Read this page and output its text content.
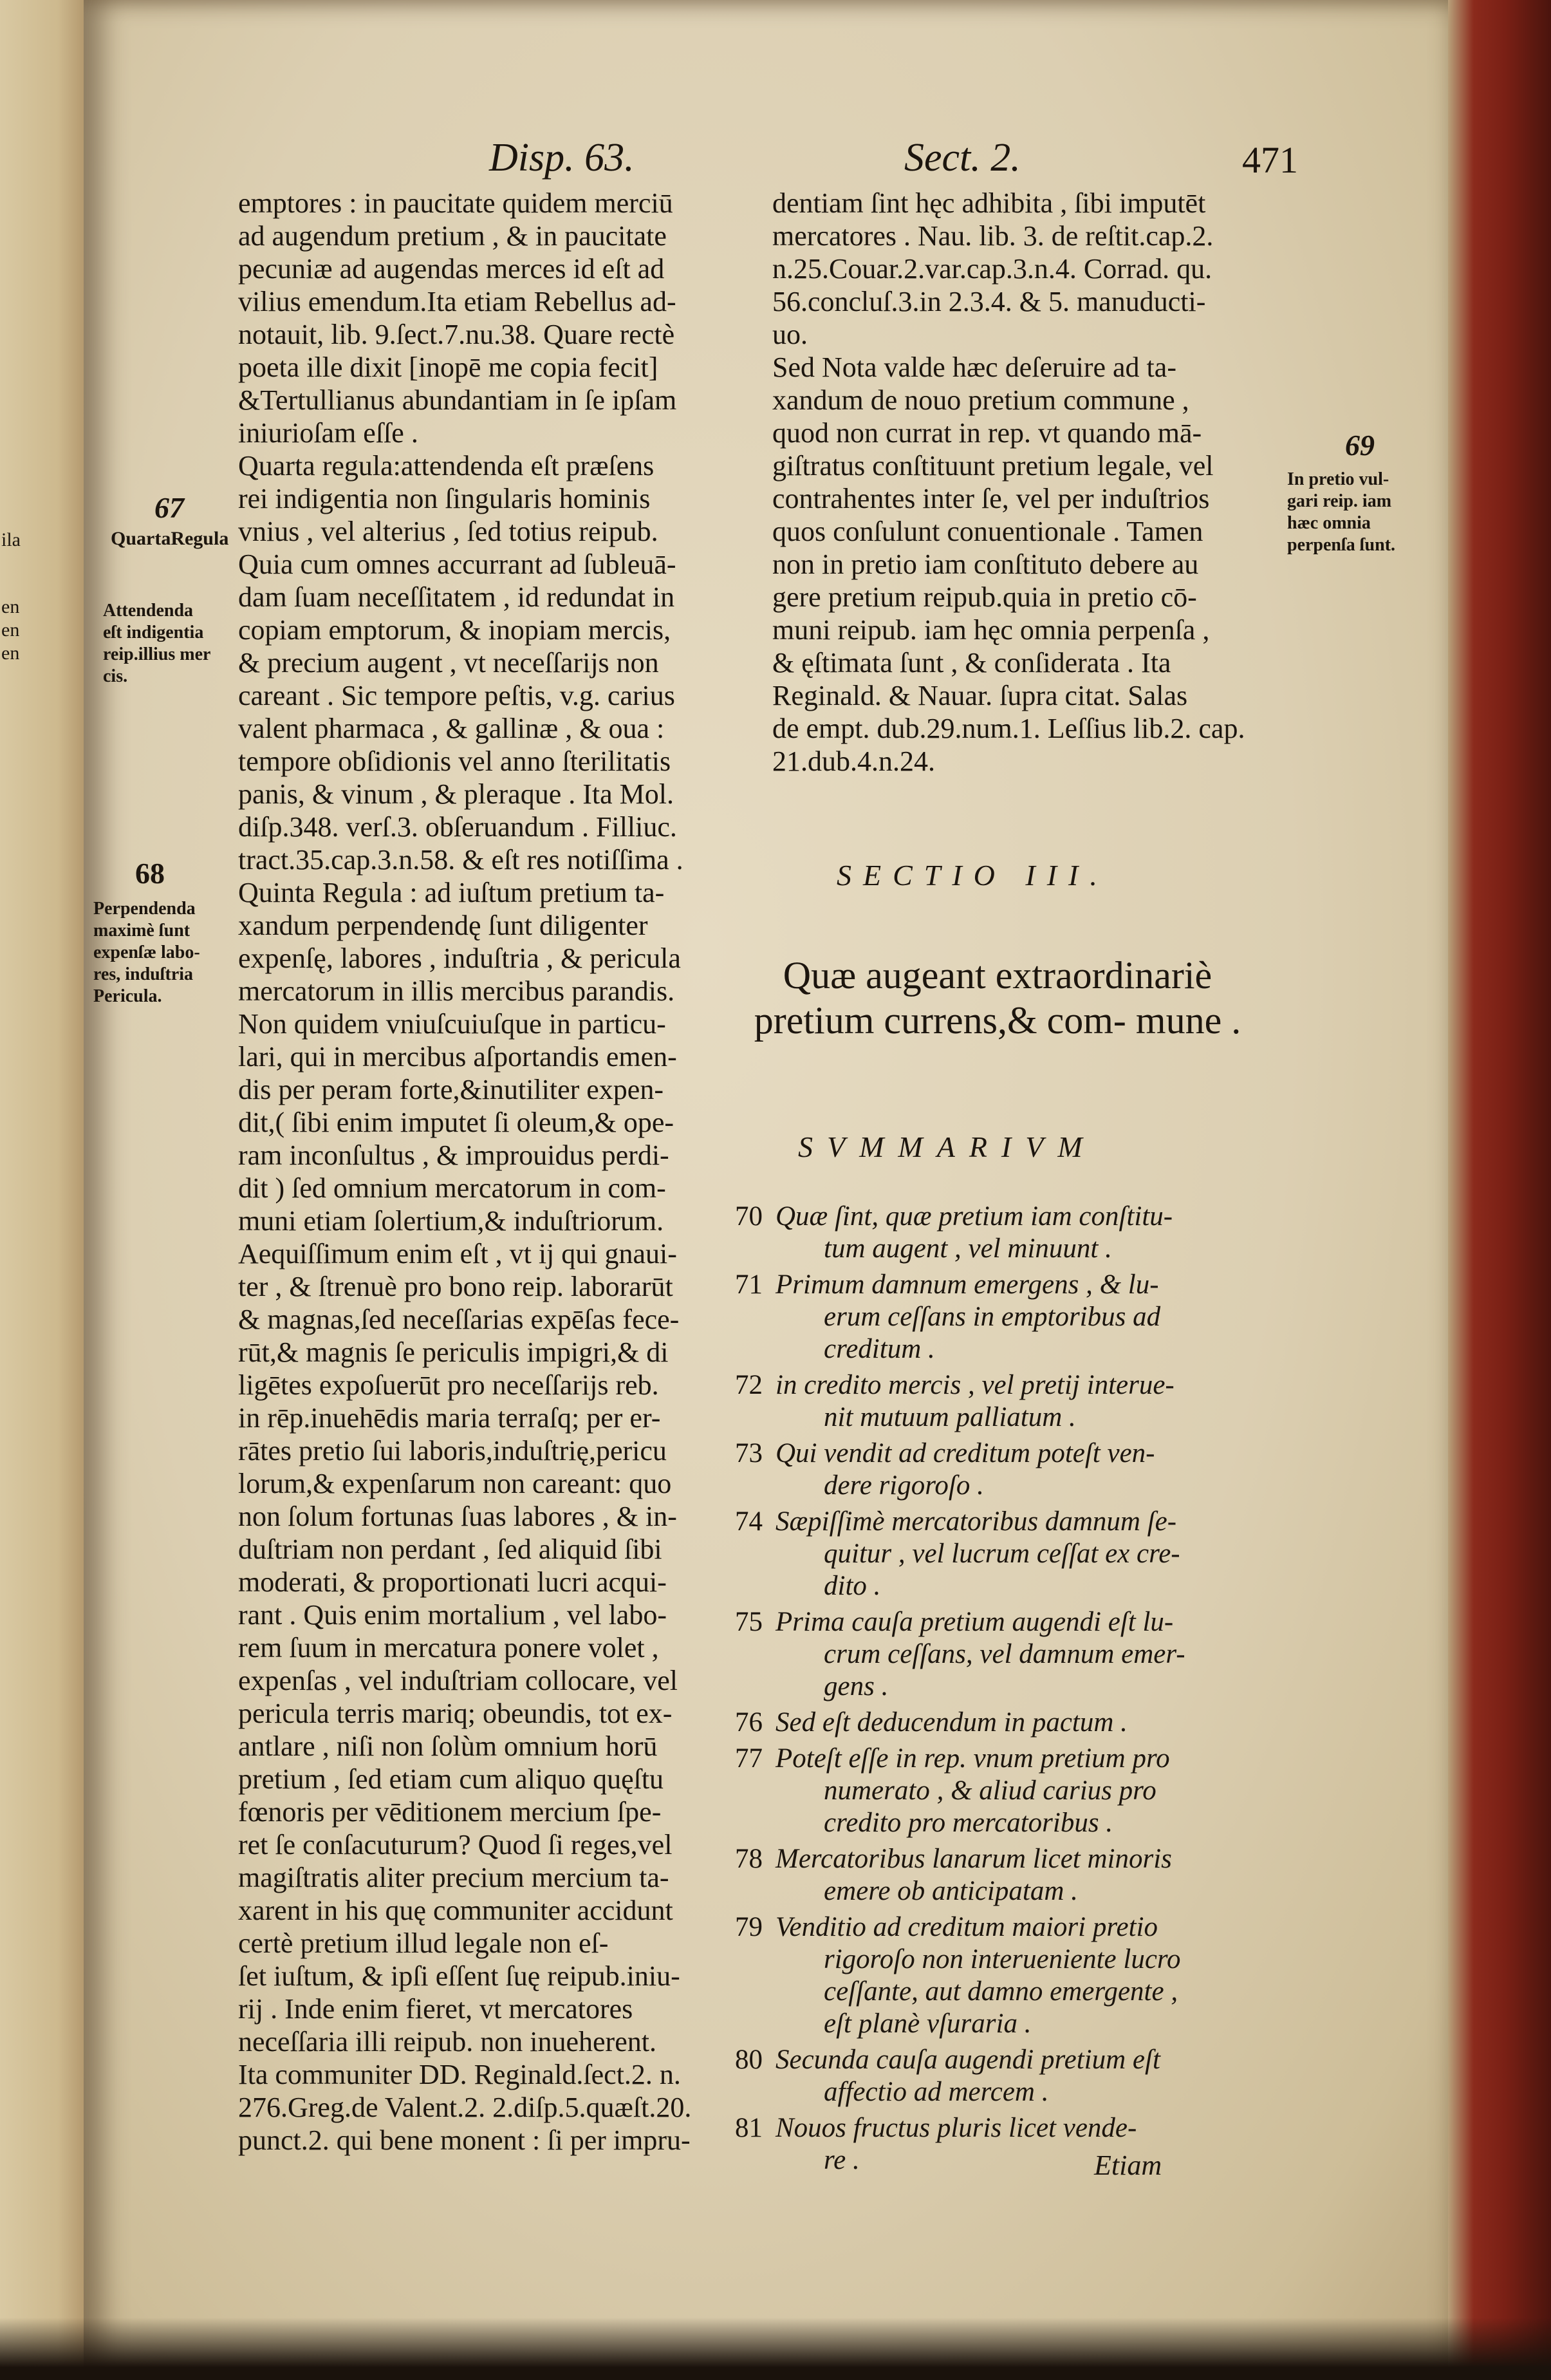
ila
en
en
en
Disp. 63.	Sect. 2.	471
emptores : in paucitate quidem merciū
ad augendum pretium , & in paucitate
pecuniæ ad augendas merces id eſt ad
vilius emendum.Ita etiam Rebellus ad-
notauit, lib. 9.ſect.7.nu.38. Quare rectè
poeta ille dixit [inopē me copia fecit]
&Tertullianus abundantiam in ſe ipſam
iniurioſam eſſe .
Quarta regula:attendenda eſt præſens
rei indigentia non ſingularis hominis
vnius , vel alterius , ſed totius reipub.
Quia cum omnes accurrant ad ſubleuā-
dam ſuam neceſſitatem , id redundat in
copiam emptorum, & inopiam mercis,
& precium augent , vt neceſſarijs non
careant . Sic tempore peſtis, v.g. carius
valent pharmaca , & gallinæ , & oua :
tempore obſidionis vel anno ſterilitatis
panis, & vinum , & pleraque . Ita Mol.
diſp.348. verſ.3. obſeruandum . Filliuc.
tract.35.cap.3.n.58. & eſt res notiſſima .
Quinta Regula : ad iuſtum pretium ta-
xandum perpendendę ſunt diligenter
expenſę, labores , induſtria , & pericula
mercatorum in illis mercibus parandis.
Non quidem vniuſcuiuſque in particu-
lari, qui in mercibus aſportandis emen-
dis per peram forte,&inutiliter expen-
dit,( ſibi enim imputet ſi oleum,& ope-
ram inconſultus , & improuidus perdi-
dit ) ſed omnium mercatorum in com-
muni etiam ſolertium,& induſtriorum.
Aequiſſimum enim eſt , vt ij qui gnaui-
ter , & ſtrenuè pro bono reip. laborarūt
& magnas,ſed neceſſarias expēſas fece-
rūt,& magnis ſe periculis impigri,& di
ligētes expoſuerūt pro neceſſarijs reb.
in rēp.inuehēdis maria terraſq; per er-
rātes pretio ſui laboris,induſtrię,pericu
lorum,& expenſarum non careant: quo
non ſolum fortunas ſuas labores , & in-
duſtriam non perdant , ſed aliquid ſibi
moderati, & proportionati lucri acqui-
rant . Quis enim mortalium , vel labo-
rem ſuum in mercatura ponere volet ,
expenſas , vel induſtriam collocare, vel
pericula terris mariq; obeundis, tot ex-
antlare , niſi non ſolùm omnium horū
pretium , ſed etiam cum aliquo quęſtu
fœnoris per vēditionem mercium ſpe-
ret ſe conſacuturum? Quod ſi reges,vel
magiſtratis aliter precium mercium ta-
xarent in his quę communiter accidunt
certè pretium illud legale non eſ-
ſet iuſtum, & ipſi eſſent ſuę reipub.iniu-
rij . Inde enim fieret, vt mercatores
neceſſaria illi reipub. non inueherent.
Ita communiter DD. Reginald.ſect.2. n.
276.Greg.de Valent.2. 2.diſp.5.quæſt.20.
punct.2. qui bene monent : ſi per impru-
67
QuartaRegula
Attendenda
eſt indigentia
reip.illius mer
cis.
68
Perpendenda
maximè ſunt
expenſæ labo-
res, induſtria
Pericula.
dentiam ſint hęc adhibita , ſibi imputēt
mercatores . Nau. lib. 3. de reſtit.cap.2.
n.25.Couar.2.var.cap.3.n.4. Corrad. qu.
56.concluſ.3.in 2.3.4. & 5. manuducti-
uo.
Sed Nota valde hæc deſeruire ad ta-
xandum de nouo pretium commune ,
quod non currat in rep. vt quando mā-
giſtratus conſtituunt pretium legale, vel
contrahentes inter ſe, vel per induſtrios
quos conſulunt conuentionale . Tamen
non in pretio iam conſtituto debere au
gere pretium reipub.quia in pretio cō-
muni reipub. iam hęc omnia perpenſa ,
& ęſtimata ſunt , & conſiderata . Ita
Reginald. & Nauar. ſupra citat. Salas
de empt. dub.29.num.1. Leſſius lib.2. cap.
21.dub.4.n.24.
69
In pretio vul-
gari reip. iam
hæc omnia
perpenſa ſunt.
SECTIO III.
Quæ augeant extraordinariè pretium currens,& com- mune .
SVMMARIVM
70 Quæ ſint, quæ pretium iam conſtitu-
tum augent , vel minuunt .
71 Primum damnum emergens , & lu-
erum ceſſans in emptoribus ad
creditum .
72 in credito mercis , vel pretij interue-
nit mutuum palliatum .
73 Qui vendit ad creditum poteſt ven-
dere rigoroſo .
74 Sæpiſſimè mercatoribus damnum ſe-
quitur , vel lucrum ceſſat ex cre-
dito .
75 Prima cauſa pretium augendi eſt lu-
crum ceſſans, vel damnum emer-
gens .
76 Sed eſt deducendum in pactum .
77 Poteſt eſſe in rep. vnum pretium pro
numerato , & aliud carius pro
credito pro mercatoribus .
78 Mercatoribus lanarum licet minoris
emere ob anticipatam .
79 Venditio ad creditum maiori pretio
rigoroſo non interueniente lucro
ceſſante, aut damno emergente ,
eſt planè vſuraria .
80 Secunda cauſa augendi pretium eſt
affectio ad mercem .
81 Nouos fructus pluris licet vende-
re .	Etiam
